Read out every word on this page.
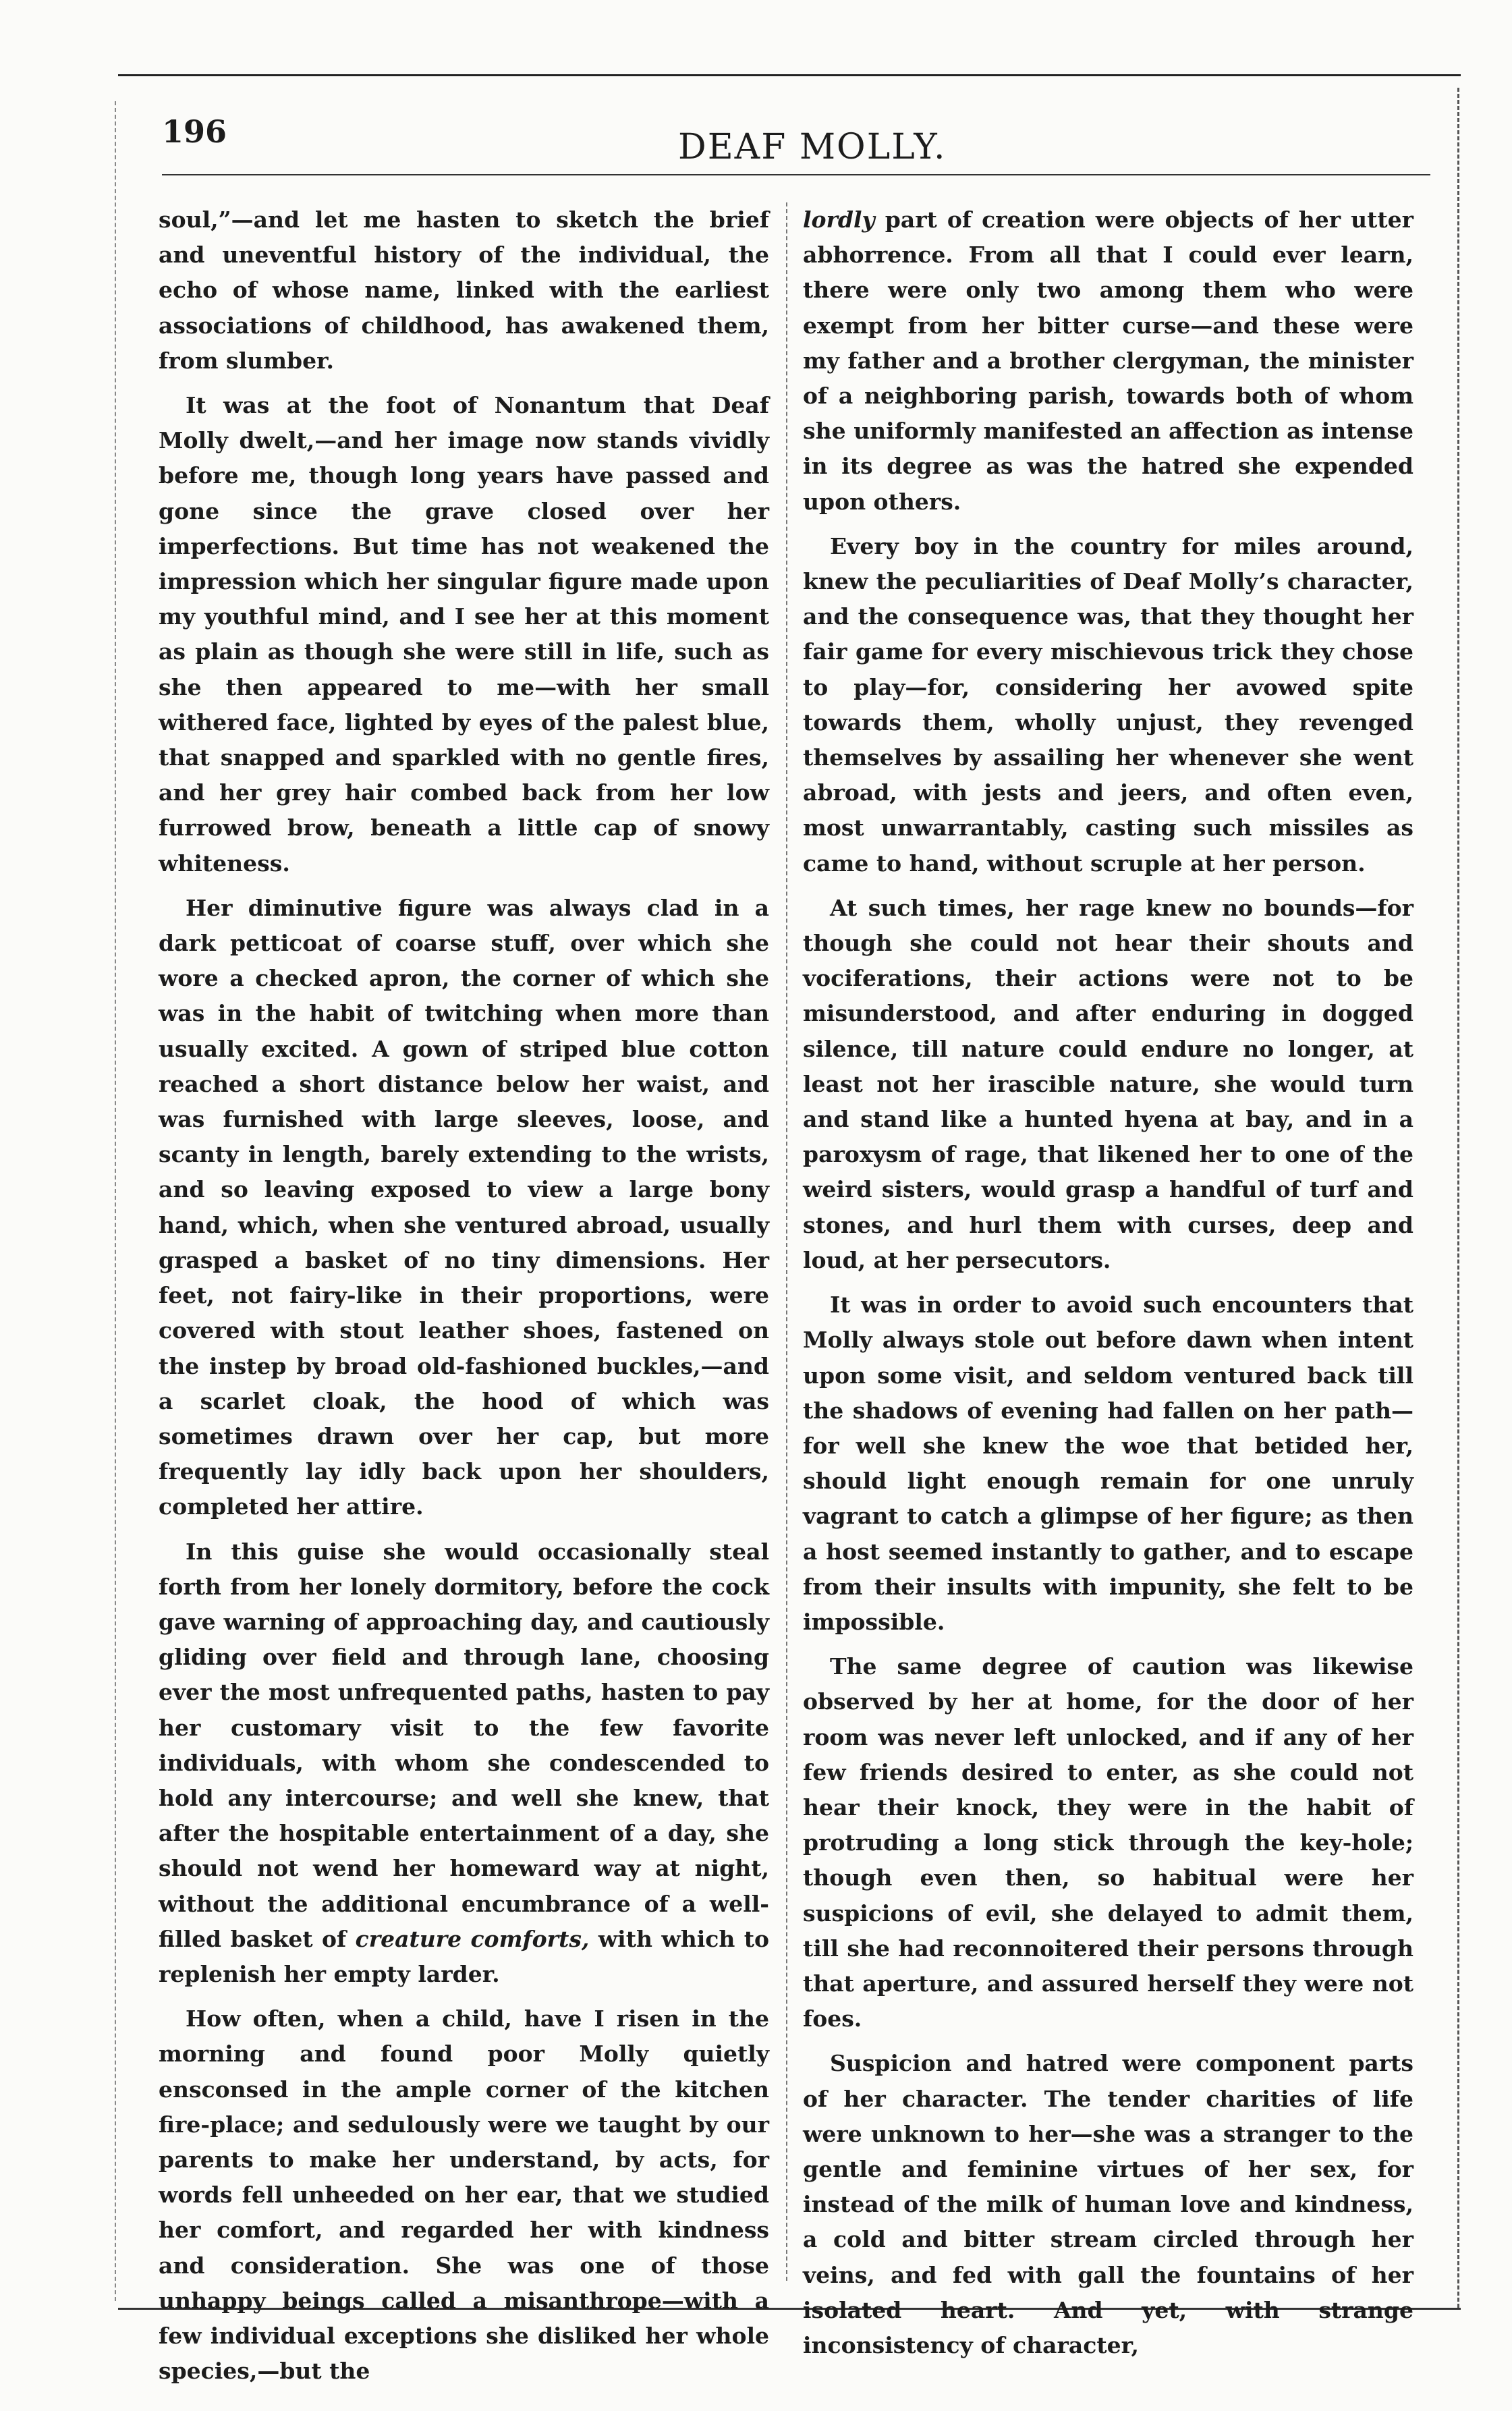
196	DEAF MOLLY.

soul,”—and let me hasten to sketch the brief and uneventful history of the individual, the echo of whose name, linked with the earliest associations of childhood, has awakened them, from slumber.

It was at the foot of Nonantum that Deaf Molly dwelt,—and her image now stands vividly before me, though long years have passed and gone since the grave closed over her imperfections. But time has not weakened the impression which her singular figure made upon my youthful mind, and I see her at this moment as plain as though she were still in life, such as she then appeared to me—with her small withered face, lighted by eyes of the palest blue, that snapped and sparkled with no gentle fires, and her grey hair combed back from her low furrowed brow, beneath a little cap of snowy whiteness.

Her diminutive figure was always clad in a dark petticoat of coarse stuff, over which she wore a checked apron, the corner of which she was in the habit of twitching when more than usually excited. A gown of striped blue cotton reached a short distance below her waist, and was furnished with large sleeves, loose, and scanty in length, barely extending to the wrists, and so leaving exposed to view a large bony hand, which, when she ventured abroad, usually grasped a basket of no tiny dimensions. Her feet, not fairy-like in their proportions, were covered with stout leather shoes, fastened on the instep by broad old-fashioned buckles,—and a scarlet cloak, the hood of which was sometimes drawn over her cap, but more frequently lay idly back upon her shoulders, completed her attire.

In this guise she would occasionally steal forth from her lonely dormitory, before the cock gave warning of approaching day, and cautiously gliding over field and through lane, choosing ever the most unfrequented paths, hasten to pay her customary visit to the few favorite individuals, with whom she condescended to hold any intercourse; and well she knew, that after the hospitable entertainment of a day, she should not wend her homeward way at night, without the additional encumbrance of a well-filled basket of creature comforts, with which to replenish her empty larder.

How often, when a child, have I risen in the morning and found poor Molly quietly ensconsed in the ample corner of the kitchen fire-place; and sedulously were we taught by our parents to make her understand, by acts, for words fell unheeded on her ear, that we studied her comfort, and regarded her with kindness and consideration. She was one of those unhappy beings called a misanthrope—with a few individual exceptions she disliked her whole species,—but the

lordly part of creation were objects of her utter abhorrence. From all that I could ever learn, there were only two among them who were exempt from her bitter curse—and these were my father and a brother clergyman, the minister of a neighboring parish, towards both of whom she uniformly manifested an affection as intense in its degree as was the hatred she expended upon others.

Every boy in the country for miles around, knew the peculiarities of Deaf Molly’s character, and the consequence was, that they thought her fair game for every mischievous trick they chose to play—for, considering her avowed spite towards them, wholly unjust, they revenged themselves by assailing her whenever she went abroad, with jests and jeers, and often even, most unwarrantably, casting such missiles as came to hand, without scruple at her person.

At such times, her rage knew no bounds—for though she could not hear their shouts and vociferations, their actions were not to be misunderstood, and after enduring in dogged silence, till nature could endure no longer, at least not her irascible nature, she would turn and stand like a hunted hyena at bay, and in a paroxysm of rage, that likened her to one of the weird sisters, would grasp a handful of turf and stones, and hurl them with curses, deep and loud, at her persecutors.

It was in order to avoid such encounters that Molly always stole out before dawn when intent upon some visit, and seldom ventured back till the shadows of evening had fallen on her path—for well she knew the woe that betided her, should light enough remain for one unruly vagrant to catch a glimpse of her figure; as then a host seemed instantly to gather, and to escape from their insults with impunity, she felt to be impossible.

The same degree of caution was likewise observed by her at home, for the door of her room was never left unlocked, and if any of her few friends desired to enter, as she could not hear their knock, they were in the habit of protruding a long stick through the key-hole; though even then, so habitual were her suspicions of evil, she delayed to admit them, till she had reconnoitered their persons through that aperture, and assured herself they were not foes.

Suspicion and hatred were component parts of her character. The tender charities of life were unknown to her—she was a stranger to the gentle and feminine virtues of her sex, for instead of the milk of human love and kindness, a cold and bitter stream circled through her veins, and fed with gall the fountains of her isolated heart. And yet, with strange inconsistency of character,
